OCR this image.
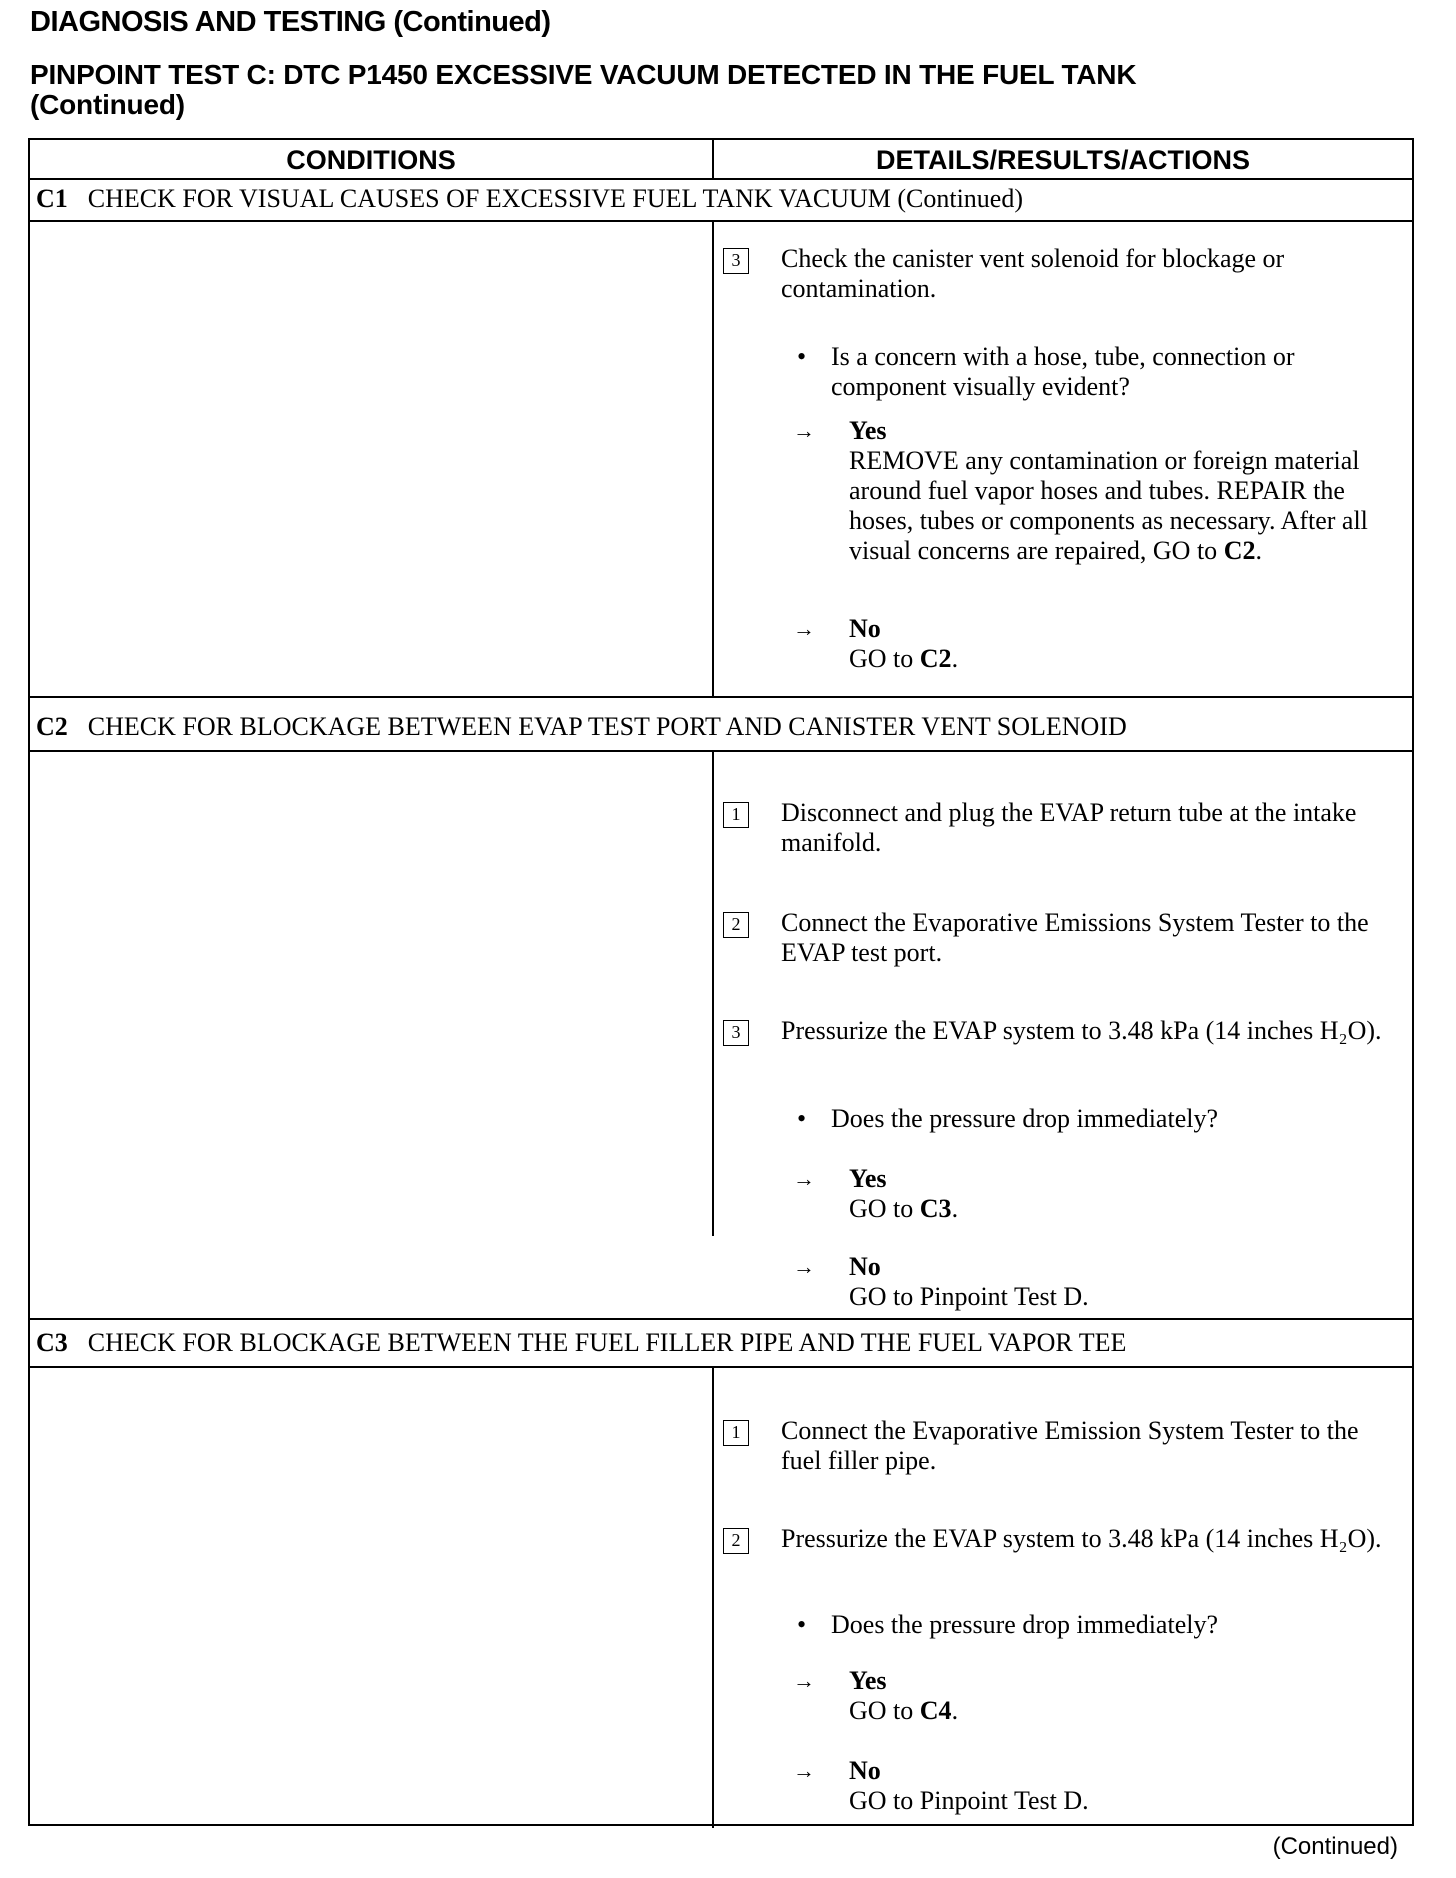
DIAGNOSIS AND TESTING (Continued)
PINPOINT TEST C: DTC P1450 EXCESSIVE VACUUM DETECTED IN THE FUEL TANK
(Continued)
CONDITIONS	DETAILS/RESULTS/ACTIONS
C1 CHECK FOR VISUAL CAUSES OF EXCESSIVE FUEL TANK VACUUM (Continued)
3	Check the canister vent solenoid for blockage or contamination.
• Is a concern with a hose, tube, connection or component visually evident?
→ Yes
REMOVE any contamination or foreign material around fuel vapor hoses and tubes. REPAIR the hoses, tubes or components as necessary. After all visual concerns are repaired, GO to C2.
→ No
GO to C2.
C2 CHECK FOR BLOCKAGE BETWEEN EVAP TEST PORT AND CANISTER VENT SOLENOID
1	Disconnect and plug the EVAP return tube at the intake manifold.
2	Connect the Evaporative Emissions System Tester to the EVAP test port.
3	Pressurize the EVAP system to 3.48 kPa (14 inches H₂O).
• Does the pressure drop immediately?
→ Yes
GO to C3.
→ No
GO to Pinpoint Test D.
C3 CHECK FOR BLOCKAGE BETWEEN THE FUEL FILLER PIPE AND THE FUEL VAPOR TEE
1	Connect the Evaporative Emission System Tester to the fuel filler pipe.
2	Pressurize the EVAP system to 3.48 kPa (14 inches H₂O).
• Does the pressure drop immediately?
→ Yes
GO to C4.
→ No
GO to Pinpoint Test D.
(Continued)
